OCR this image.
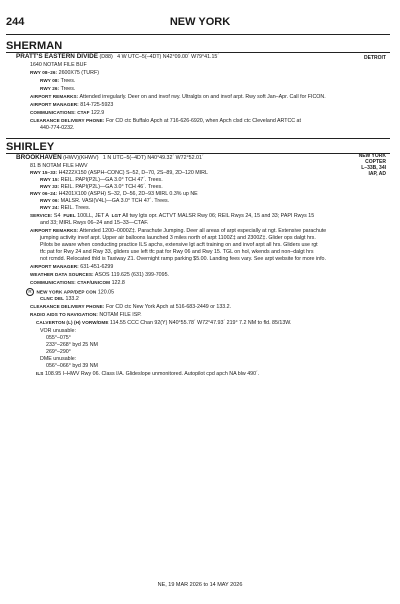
244	NEW YORK
SHERMAN
PRATT'S EASTERN DIVIDE (D88) 4 W UTC–5(–4DT) N42°09.00´ W79°41.15´	DETROIT
1640 NOTAM FILE BUF
RWY 08–26: 2600X75 (TURF)
RWY 08: Trees.
RWY 26: Trees.
AIRPORT REMARKS: Attended irregularly. Deer on and invof rwy. Ultralgts on and invof arpt. Rwy soft Jan–Apr. Call for FICON.
AIRPORT MANAGER: 814-725-5923
COMMUNICATIONS: CTAF 122.9
CLEARANCE DELIVERY PHONE: For CD ctc Buffalo Apch at 716-626-6920, when Apch clsd ctc Cleveland ARTCC at
440-774-0232.
SHIRLEY
BROOKHAVEN (HWV)(KHWV) 1 N UTC–5(–4DT) N40°49.32´ W72°52.01´	NEW YORK
COPTER
L–33B, 34I
IAP, AD
81 B NOTAM FILE HWV
RWY 15–33: H4222X150 (ASPH–CONC) S–52, D–70, 2S–89, 2D–120 MIRL
RWY 15: REIL. PAPI(P2L)—GA 3.0° TCH 47´. Trees.
RWY 33: REIL. PAPI(P2L)—GA 3.0° TCH 46´. Trees.
RWY 06–24: H4201X100 (ASPH) S–32, D–56, 2D–93 MIRL 0.3% up NE
RWY 06: MALSR. VASI(V4L)—GA 3.0° TCH 47´. Trees.
RWY 24: REIL. Trees.
SERVICE: S4 FUEL 100LL, JET A LGT All twy lgts opr. ACTVT MALSR Rwy 06; REIL Rwys 24, 15 and 33; PAPI Rwys 15
and 33; MIRL Rwys 06–24 and 15–33—CTAF.
AIRPORT REMARKS: Attended 1200–0000Z‡. Parachute Jumping. Deer all areas of arpt especially at ngt. Extensive parachute
jumping activity invof arpt. Upper air balloons launched 3 miles north of arpt 1100Z‡ and 2300Z‡. Glider ops dalgt hrs.
Pilots be aware when conducting practice ILS apchs, extensive lgt acft training on and invof arpt all hrs. Gliders use rgt
tfc pat for Rwy 24 and Rwy 33, gliders use left tfc pat for Rwy 06 and Rwy 15. TGL on hol, wkends and non–dalgt hrs
not rcmdd. Relocated thld is Taxiway Z1. Overnight ramp parking $5.00. Landing fees vary. See arpt website for more info.
AIRPORT MANAGER: 631-451-6299
WEATHER DATA SOURCES: ASOS 119.625 (631) 399-7095.
COMMUNICATIONS: CTAF/UNICOM 122.8
R NEW YORK APP/DEP CON 120.05
CLNC DEL 133.2
CLEARANCE DELIVERY PHONE: For CD ctc New York Apch at 516-683-2449 or 133.2.
RADIO AIDS TO NAVIGATION: NOTAM FILE ISP.
CALVERTON (L) (H) VORW/DME 114.55 CCC Chan 92(Y) N40°55.78´ W72°47.93´ 219° 7.2 NM to fld. 85/13W.
VOR unusable:
055°–075°
233°–268° byd 25 NM
269°–290°
DME unusable:
056°–066° byd 39 NM
ILS 108.95 I–HWV Rwy 06. Class I/A. Glideslope unmonitored. Autopilot cpd apch NA blw 490´.
NE, 19 MAR 2026 to 14 MAY 2026
